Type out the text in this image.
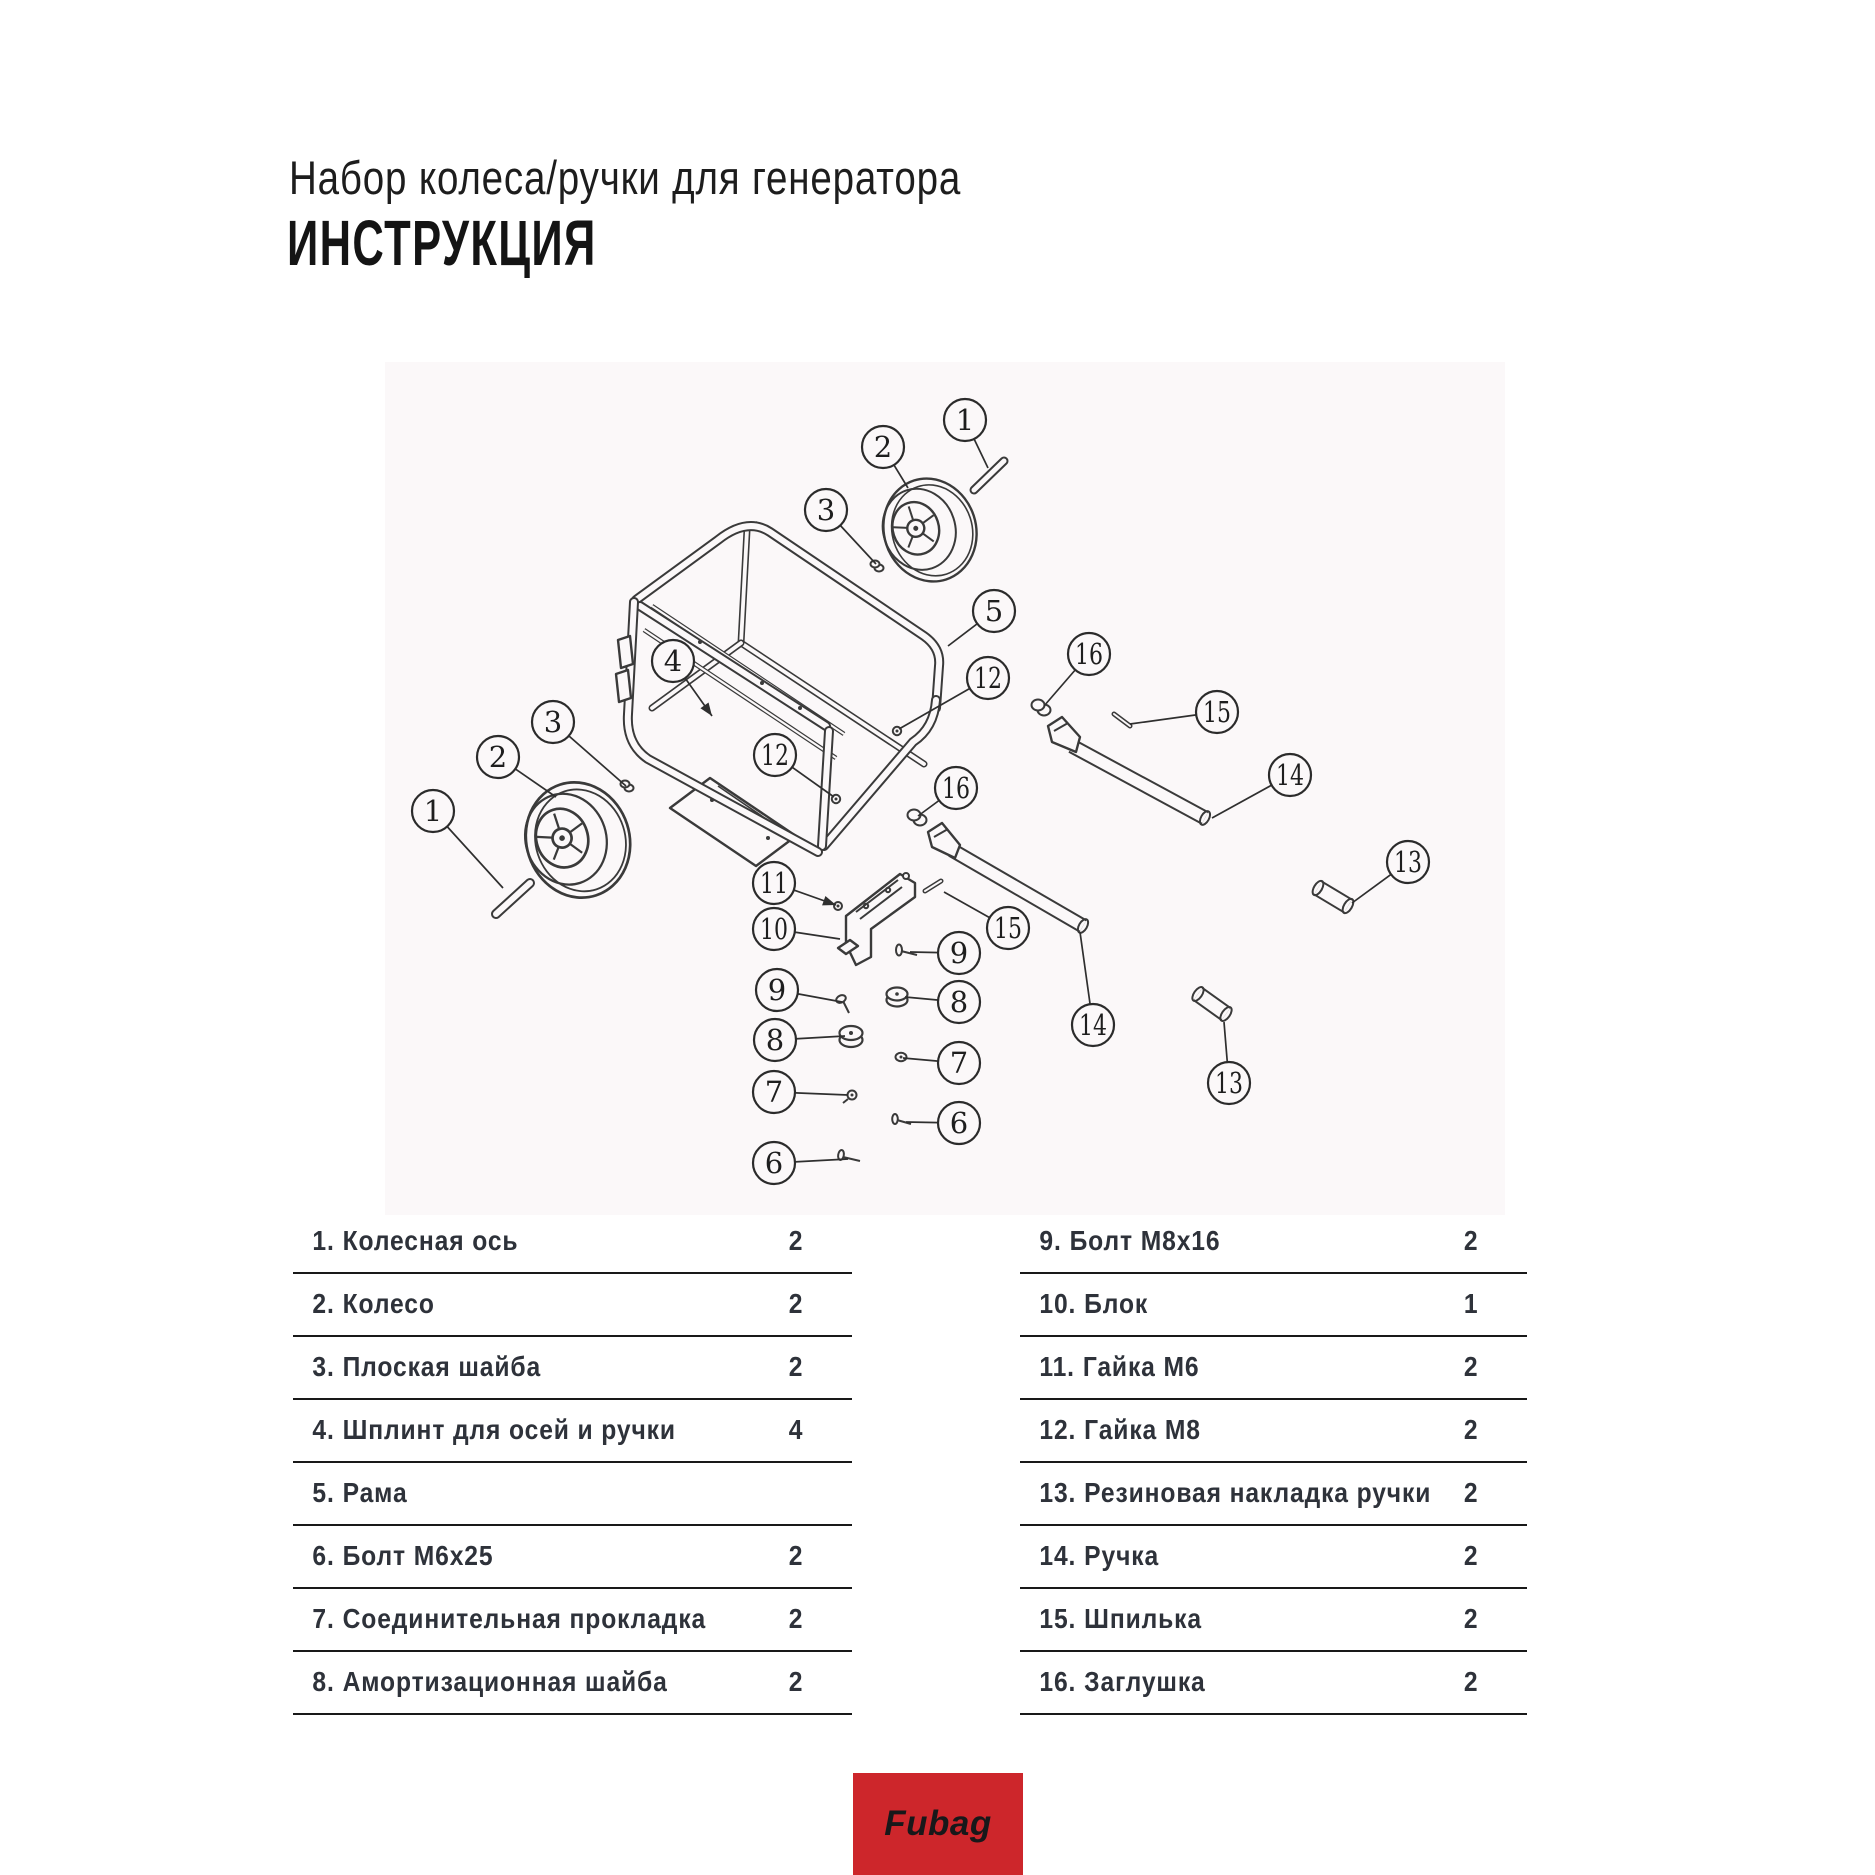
Набор колеса/ручки для генератора
ИНСТРУКЦИЯ
1
2
3
5
16
12
15
14
13
4
3
2
1
12
16
11
10	15
9
9	8
8
7
7
6
6
14
13
1. Колесная ось	2
2. Колесо	2
3. Плоская шайба	2
4. Шплинт для осей и ручки	4
5. Рама
6. Болт М6х25	2
7. Соединительная прокладка	2
8. Амортизационная шайба	2
9. Болт М8х16	2
10. Блок	1
11. Гайка М6	2
12. Гайка М8	2
13. Резиновая накладка ручки 2
14. Ручка	2
15. Шпилька	2
16. Заглушка	2
Fubag
